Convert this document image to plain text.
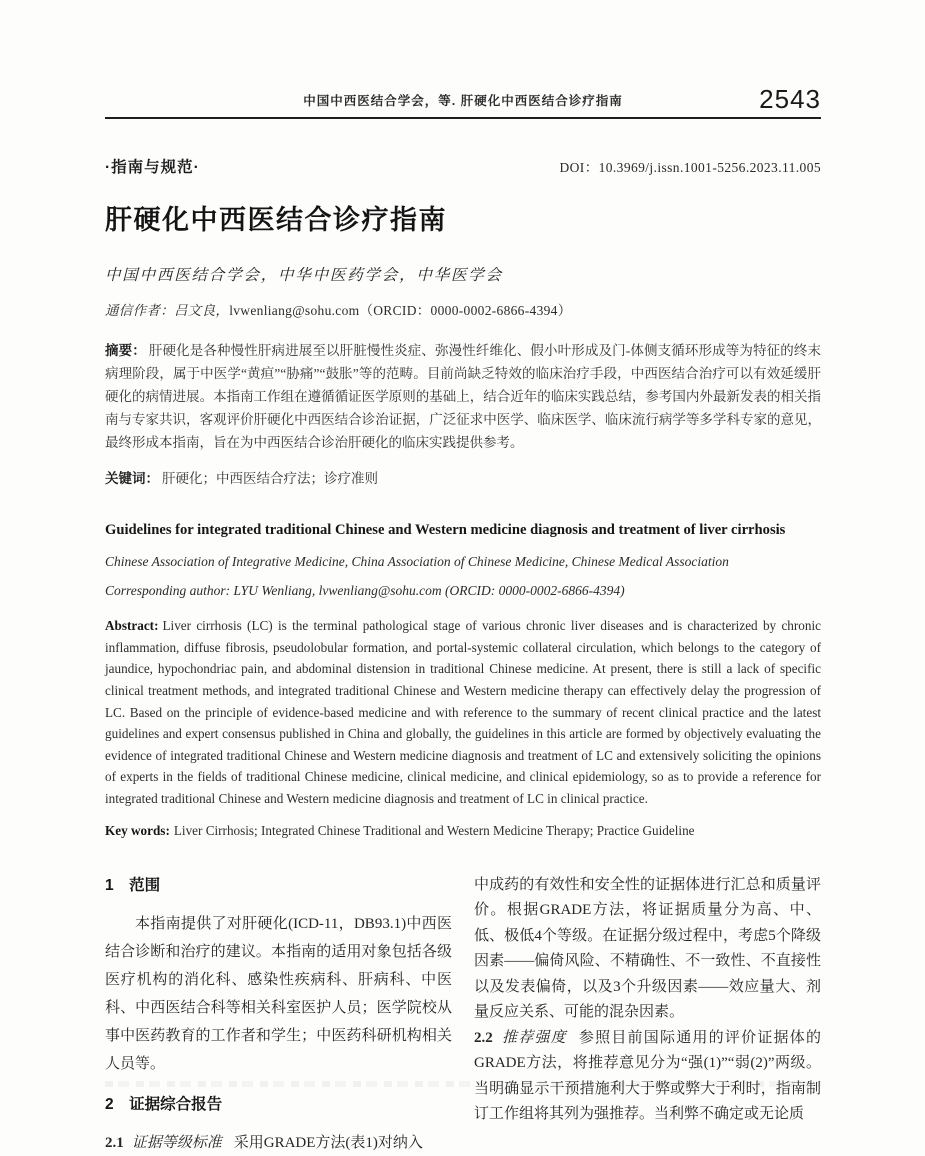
中国中西医结合学会，等. 肝硬化中西医结合诊疗指南	2543
·指南与规范·	DOI：10.3969/j.issn.1001-5256.2023.11.005
肝硬化中西医结合诊疗指南
中国中西医结合学会，中华中医药学会，中华医学会
通信作者：吕文良，lvwenliang@sohu.com（ORCID：0000-0002-6866-4394）

摘要： 肝硬化是各种慢性肝病进展至以肝脏慢性炎症、弥漫性纤维化、假小叶形成及门-体侧支循环形成等为特征的终末病理阶段，属于中医学“黄疸”“胁痛”“鼓胀”等的范畴。目前尚缺乏特效的临床治疗手段，中西医结合治疗可以有效延缓肝硬化的病情进展。本指南工作组在遵循循证医学原则的基础上，结合近年的临床实践总结，参考国内外最新发表的相关指南与专家共识，客观评价肝硬化中西医结合诊治证据，广泛征求中医学、临床医学、临床流行病学等多学科专家的意见，最终形成本指南，旨在为中西医结合诊治肝硬化的临床实践提供参考。

关键词： 肝硬化；中西医结合疗法；诊疗准则

Guidelines for integrated traditional Chinese and Western medicine diagnosis and treatment of liver cirrhosis
Chinese Association of Integrative Medicine, China Association of Chinese Medicine, Chinese Medical Association
Corresponding author: LYU Wenliang, lvwenliang@sohu.com (ORCID: 0000-0002-6866-4394)

Abstract: Liver cirrhosis (LC) is the terminal pathological stage of various chronic liver diseases and is characterized by chronic inflammation, diffuse fibrosis, pseudolobular formation, and portal-systemic collateral circulation, which belongs to the category of jaundice, hypochondriac pain, and abdominal distension in traditional Chinese medicine. At present, there is still a lack of specific clinical treatment methods, and integrated traditional Chinese and Western medicine therapy can effectively delay the progression of LC. Based on the principle of evidence-based medicine and with reference to the summary of recent clinical practice and the latest guidelines and expert consensus published in China and globally, the guidelines in this article are formed by objectively evaluating the evidence of integrated traditional Chinese and Western medicine diagnosis and treatment of LC and extensively soliciting the opinions of experts in the fields of traditional Chinese medicine, clinical medicine, and clinical epidemiology, so as to provide a reference for integrated traditional Chinese and Western medicine diagnosis and treatment of LC in clinical practice.

Key words: Liver Cirrhosis; Integrated Chinese Traditional and Western Medicine Therapy; Practice Guideline

1　范围

本指南提供了对肝硬化(ICD-11，DB93.1)中西医结合诊断和治疗的建议。本指南的适用对象包括各级医疗机构的消化科、感染性疾病科、肝病科、中医科、中西医结合科等相关科室医护人员；医学院校从事中医药教育的工作者和学生；中医药科研机构相关人员等。

2　证据综合报告

2.1 证据等级标准 采用GRADE方法(表1)对纳入

中成药的有效性和安全性的证据体进行汇总和质量评价。根据GRADE方法，将证据质量分为高、中、低、极低4个等级。在证据分级过程中，考虑5个降级因素——偏倚风险、不精确性、不一致性、不直接性以及发表偏倚，以及3个升级因素——效应量大、剂量反应关系、可能的混杂因素。

2.2 推荐强度 参照目前国际通用的评价证据体的GRADE方法，将推荐意见分为“强(1)”“弱(2)”两级。当明确显示干预措施利大于弊或弊大于利时，指南制订工作组将其列为强推荐。当利弊不确定或无论质
